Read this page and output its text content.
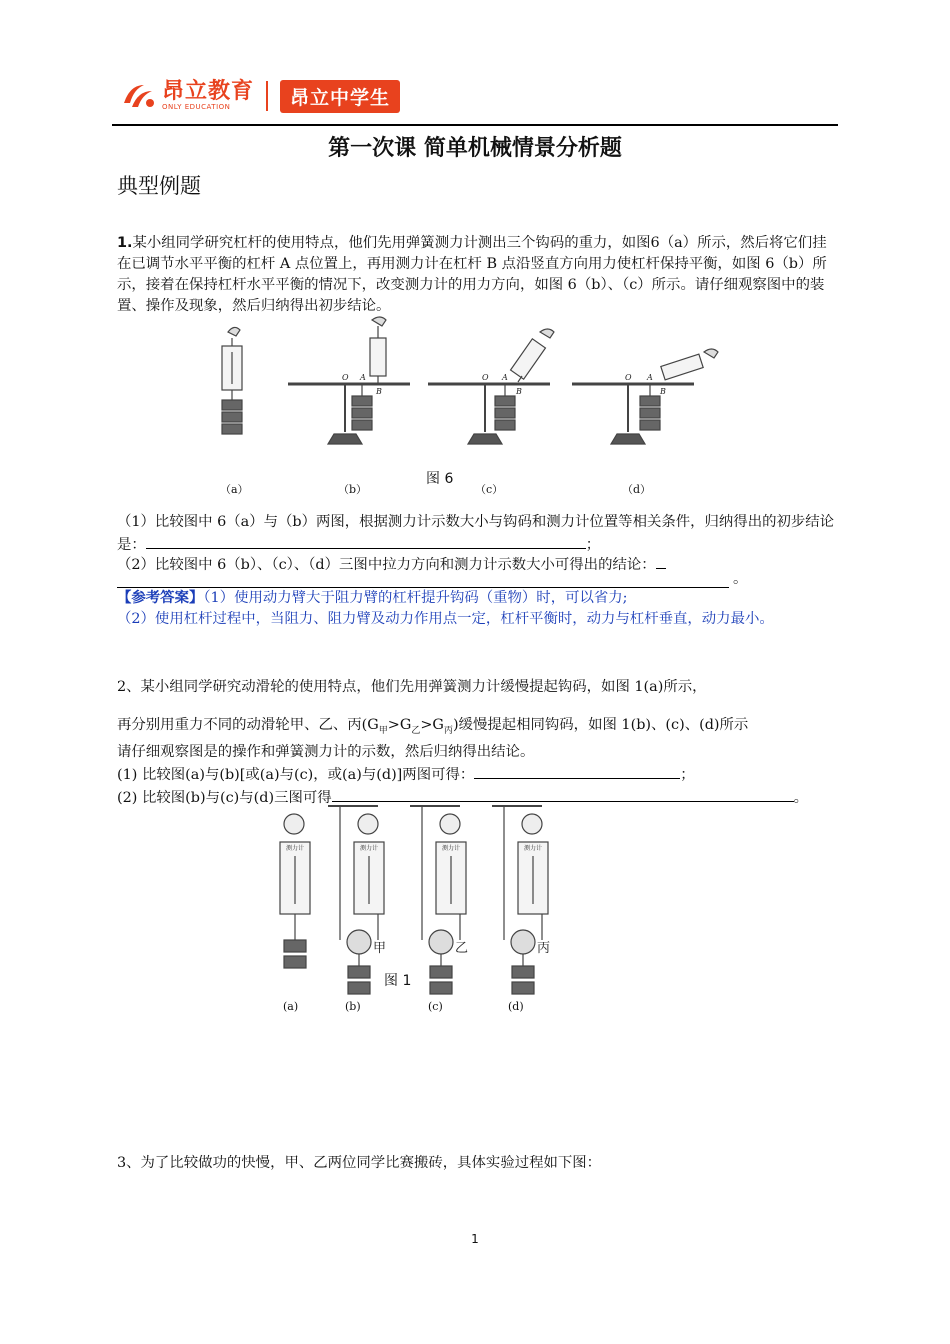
昂立教育
ONLY EDUCATION	昂立中学生
第一次课 简单机械情景分析题
典型例题
1.某小组同学研究杠杆的使用特点，他们先用弹簧测力计测出三个钩码的重力，如图6（a）所示，然后将它们挂在已调节水平平衡的杠杆 A 点位置上，再用测力计在杠杆 B 点沿竖直方向用力使杠杆保持平衡，如图 6（b）所示，接着在保持杠杆水平平衡的情况下，改变测力计的用力方向，如图 6（b）、（c）所示。请仔细观察图中的装置、操作及现象，然后归纳得出初步结论。
O A
B
O A
B
O A
B
图 6
（a）	（b）	（c）	（d）
（1）比较图中 6（a）与（b）两图，根据测力计示数大小与钩码和测力计位置等相关条件，归纳得出的初步结论是：	；
（2）比较图中 6（b）、（c）、（d）三图中拉力方向和测力计示数大小可得出的结论：
。
【参考答案】（1）使用动力臂大于阻力臂的杠杆提升钩码（重物）时，可以省力;
（2）使用杠杆过程中，当阻力、阻力臂及动力作用点一定，杠杆平衡时，动力与杠杆垂直，动力最小。
2、某小组同学研究动滑轮的使用特点，他们先用弹簧测力计缓慢提起钩码，如图 1(a)所示，
再分别用重力不同的动滑轮甲、乙、丙$(G_甲>G_乙>G_丙)$缓慢提起相同钩码，如图 1(b)、(c)、(d)所示
请仔细观察图是的操作和弹簧测力计的示数，然后归纳得出结论。
(1) 比较图(a)与(b)[或(a)与(c)，或(a)与(d)]两图可得：	；
(2) 比较图(b)与(c)与(d)三图可得	。
测力计	测力计	测力计	测力计
甲	乙	丙
图 1
(a)	(b)	(c)	(d)
3、为了比较做功的快慢，甲、乙两位同学比赛搬砖，具体实验过程如下图：
1
